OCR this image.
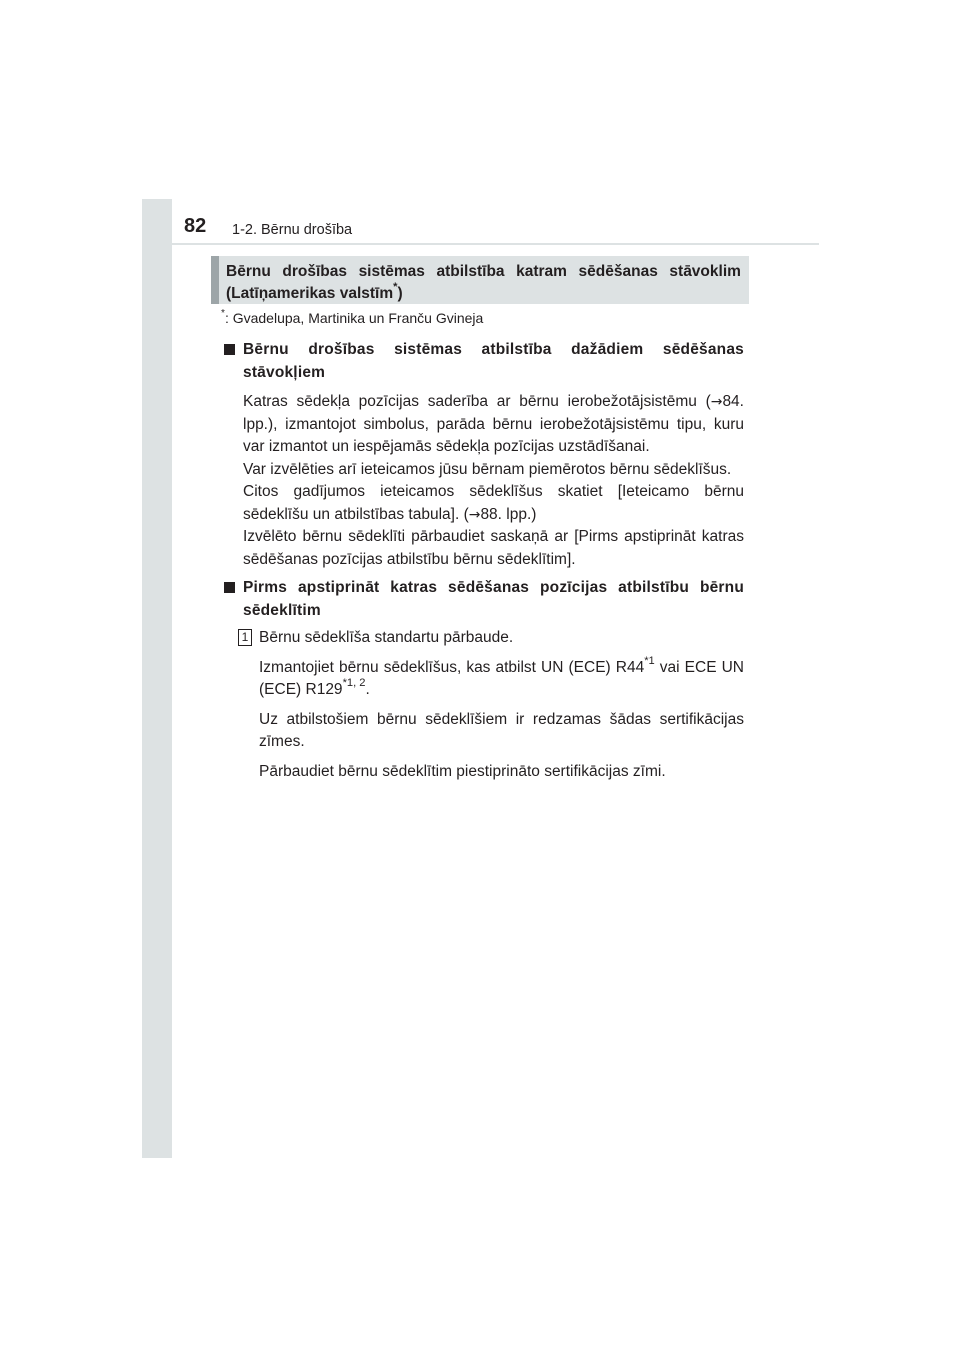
82 1-2. Bērnu drošība
Bērnu drošības sistēmas atbilstība katram sēdēšanas stāvoklim
(Latīņamerikas valstīm*)
*: Gvadelupa, Martinika un Franču Gvineja
Bērnu drošības sistēmas atbilstība dažādiem sēdēšanas stāvokļiem

Katras sēdekļa pozīcijas saderība ar bērnu ierobežotājsistēmu (→84. lpp.), izmantojot simbolus, parāda bērnu ierobežotājsistēmu tipu, kuru var izmantot un iespējamās sēdekļa pozīcijas uzstādīšanai.

Var izvēlēties arī ieteicamos jūsu bērnam piemērotos bērnu sēdeklīšus.

Citos gadījumos ieteicamos sēdeklīšus skatiet [Ieteicamo bērnu sēdeklīšu un atbilstības tabula]. (→88. lpp.)

Izvēlēto bērnu sēdeklīti pārbaudiet saskaņā ar [Pirms apstiprināt katras sēdēšanas pozīcijas atbilstību bērnu sēdeklītim].

Pirms apstiprināt katras sēdēšanas pozīcijas atbilstību bērnu sēdeklītim
1 Bērnu sēdeklīša standartu pārbaude.

Izmantojiet bērnu sēdeklīšus, kas atbilst UN (ECE) R44$^{*1}$ vai ECE UN (ECE) R129$^{*1, 2}$.

Uz atbilstošiem bērnu sēdeklīšiem ir redzamas šādas sertifikācijas zīmes.

Pārbaudiet bērnu sēdeklītim piestiprināto sertifikācijas zīmi.
